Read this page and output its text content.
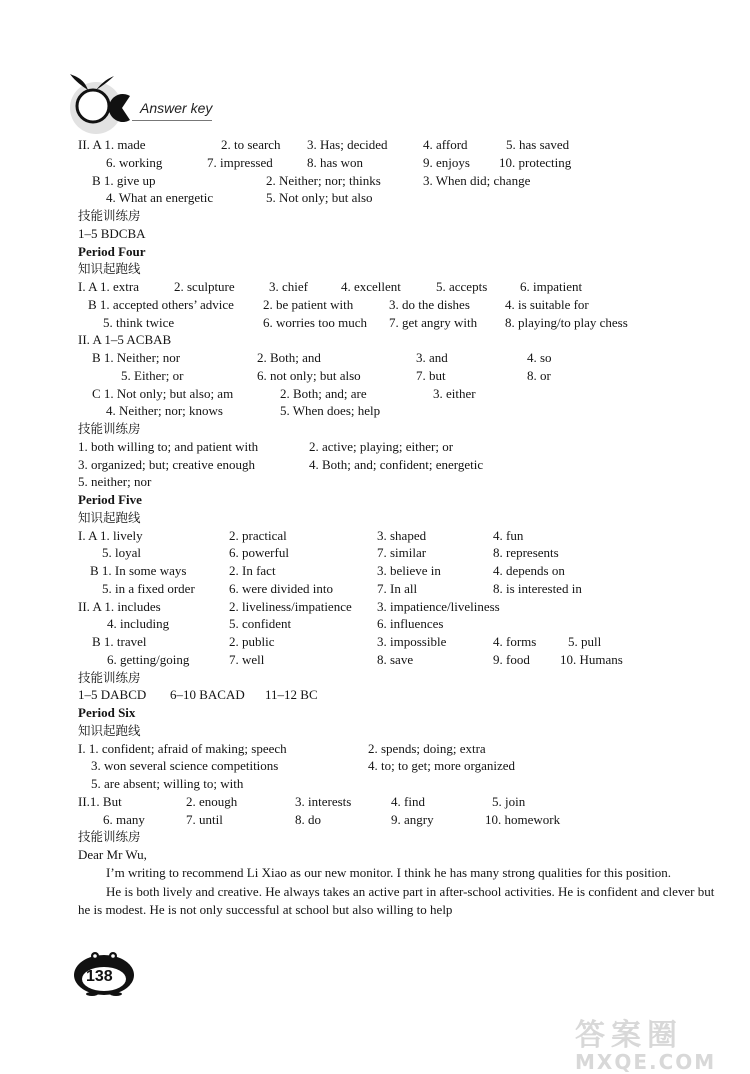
Answer key
II. A 1. made	2. to search 3. Has; decided	4. afford	5. has saved
6. working	7. impressed	8. has won	9. enjoys 10. protecting
B 1. give up	2. Neither; nor; thinks	3. When did; change
4. What an energetic	5. Not only; but also
技能训练房
1–5 BDCBA
Period Four
知识起跑线
I. A 1. extra	2. sculpture	3. chief	4. excellent	5. accepts	6. impatient
B 1. accepted others’ advice 2. be patient with	3. do the dishes	4. is suitable for
5. think twice	6. worries too much 7. get angry with 8. playing/to play chess
II. A 1–5 ACBAB
B 1. Neither; nor	2. Both; and	3. and	4. so
5. Either; or	6. not only; but also	7. but	8. or
C 1. Not only; but also; am	2. Both; and; are	3. either
4. Neither; nor; knows	5. When does; help
技能训练房
1. both willing to; and patient with	2. active; playing; either; or
3. organized; but; creative enough	4. Both; and; confident; energetic
5. neither; nor
Period Five
知识起跑线
I. A 1. lively	2. practical	3. shaped	4. fun
5. loyal	6. powerful	7. similar	8. represents
B 1. In some ways	2. In fact	3. believe in	4. depends on
5. in a fixed order	6. were divided into	7. In all	8. is interested in
II. A 1. includes	2. liveliness/impatience 3. impatience/liveliness
4. including	5. confident	6. influences
B 1. travel	2. public	3. impossible	4. forms 5. pull
6. getting/going	7. well	8. save	9. food 10. Humans
技能训练房
1–5 DABCD 6–10 BACAD 11–12 BC
Period Six
知识起跑线
I. 1. confident; afraid of making; speech	2. spends; doing; extra
3. won several science competitions	4. to; to get; more organized
5. are absent; willing to; with
II.1. But	2. enough	3. interests	4. find	5. join
6. many	7. until	8. do	9. angry	10. homework
技能训练房
Dear Mr Wu,
I’m writing to recommend Li Xiao as our new monitor. I think he has many strong qualities for this position.
He is both lively and creative. He always takes an active part in after-school activities. He is confident and clever but he is modest. He is not only successful at school but also willing to help
138
答案圈
MXQE.COM
